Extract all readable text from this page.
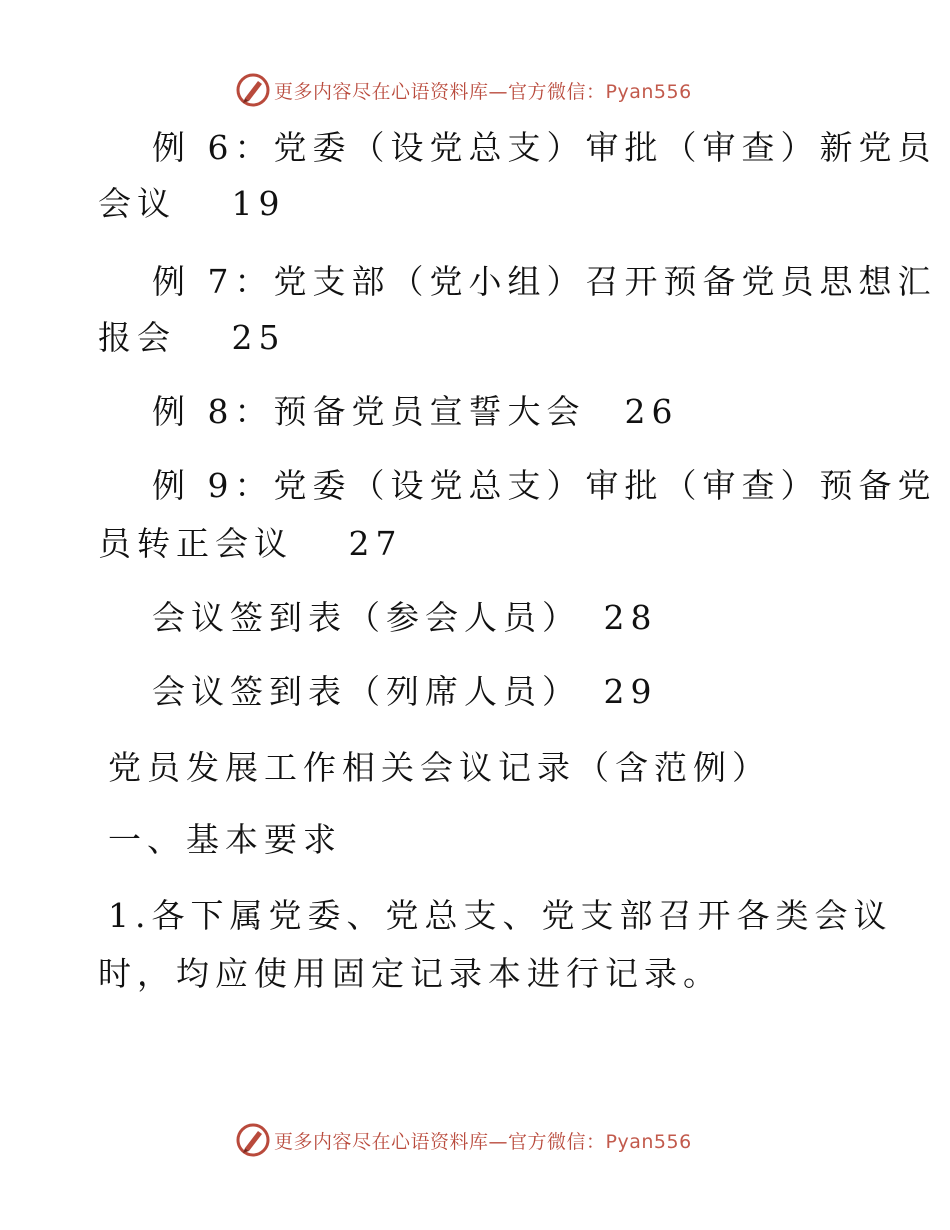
更多内容尽在心语资料库—官方微信：Pyan556
例 6：党委（设党总支）审批（审查）新党员
会议　 19
例 7：党支部（党小组）召开预备党员思想汇
报会　 25
例 8：预备党员宣誓大会　26
例 9：党委（设党总支）审批（审查）预备党
员转正会议　 27
会议签到表（参会人员）　28
会议签到表（列席人员）　29
党员发展工作相关会议记录（含范例）
一、基本要求
1.各下属党委、党总支、党支部召开各类会议
时，均应使用固定记录本进行记录。
更多内容尽在心语资料库—官方微信：Pyan556
